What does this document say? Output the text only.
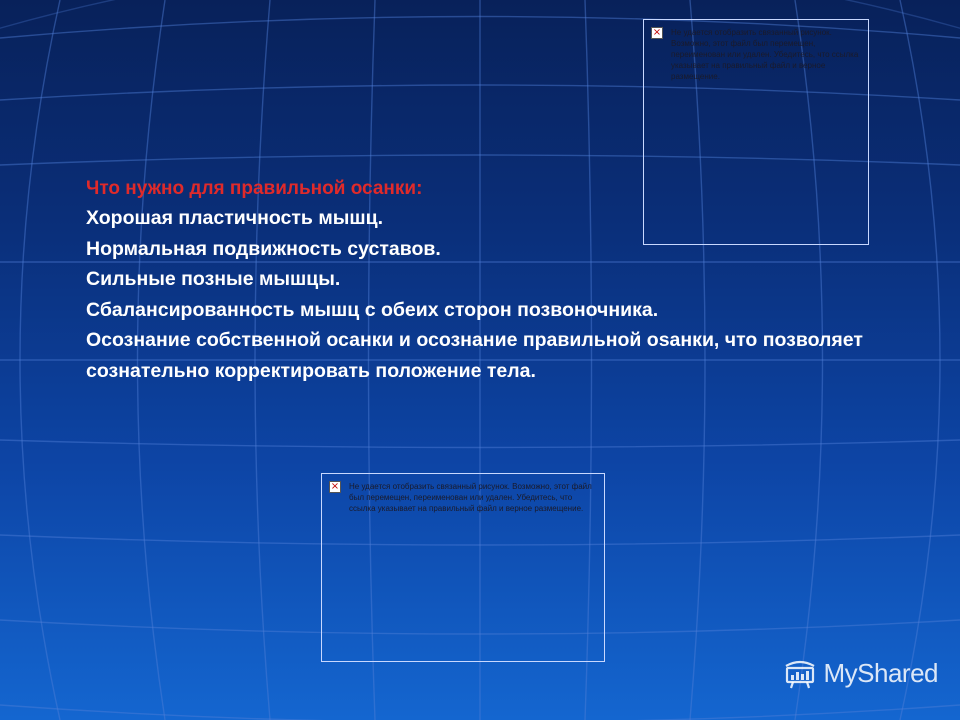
Что нужно для правильной осанки:

Хорошая пластичность мышц.

Нормальная подвижность суставов.

Сильные позные мышцы.

Сбалансированность мышц с обеих сторон позвоночника.

Осознание собственной осанки и осознание правильной оsанки, что позволяет сознательно корректировать положение тела.

× Не удается отобразить связанный рисунок. Возможно, этот файл был перемещен, переименован или удален. Убедитесь, что ссылка указывает на правильный файл и верное размещение.
× Не удается отобразить связанный рисунок. Возможно, этот файл был перемещен, переименован или удален. Убедитесь, что ссылка указывает на правильный файл и верное размещение.
MyShared
